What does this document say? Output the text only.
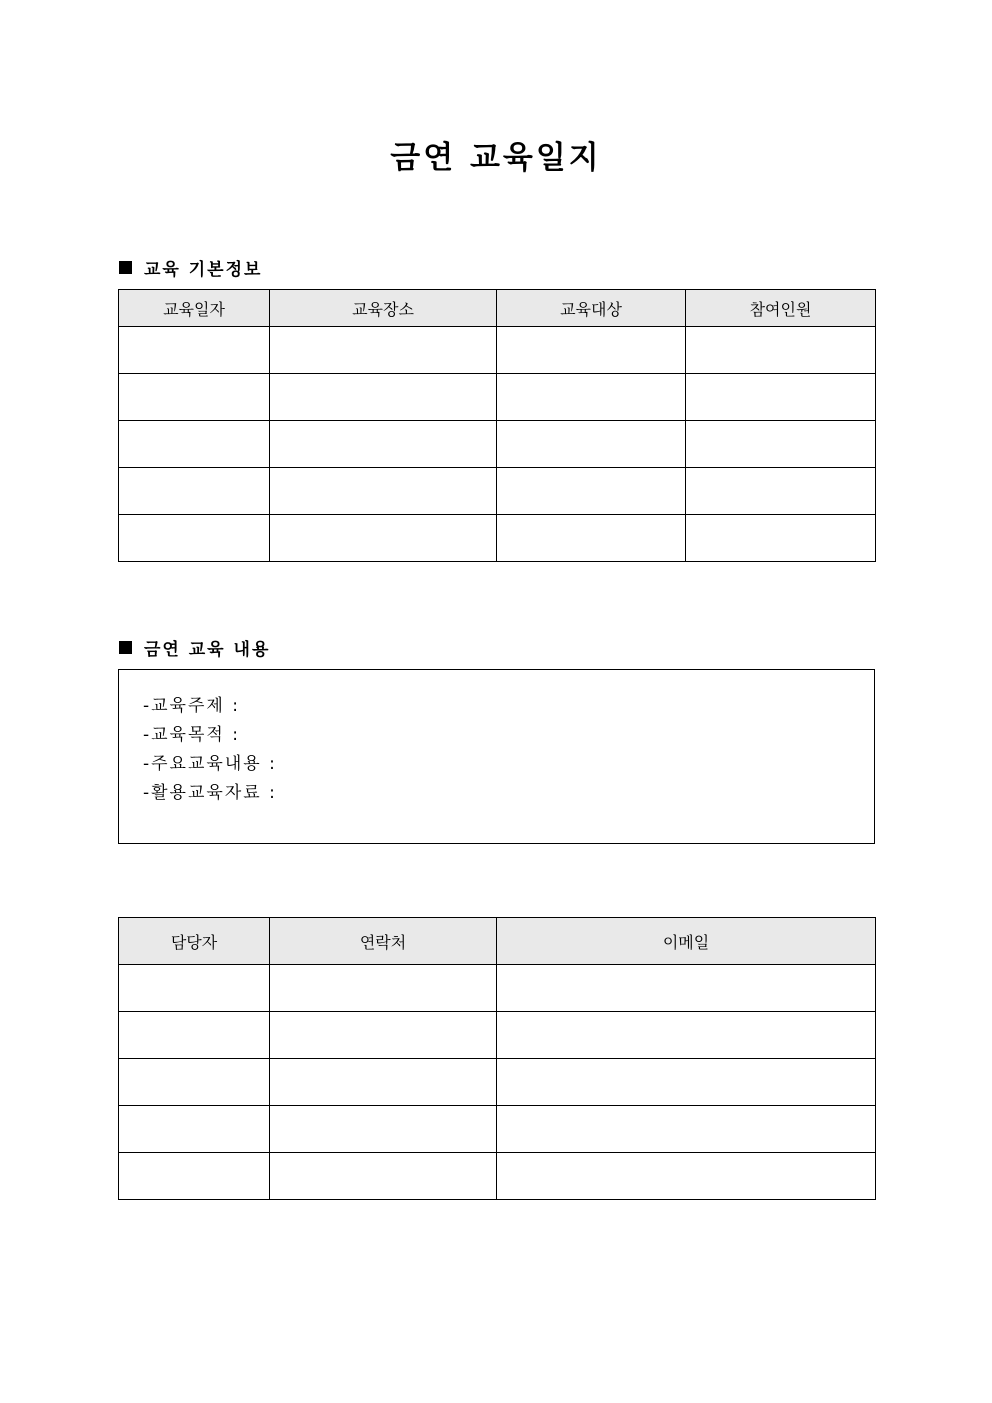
금연 교육일지
교육 기본정보
교육일자	교육장소	교육대상	참여인원

금연 교육 내용
-교육주제 :
-교육목적 :
-주요교육내용 :
-활용교육자료 :
담당자	연락처	이메일
